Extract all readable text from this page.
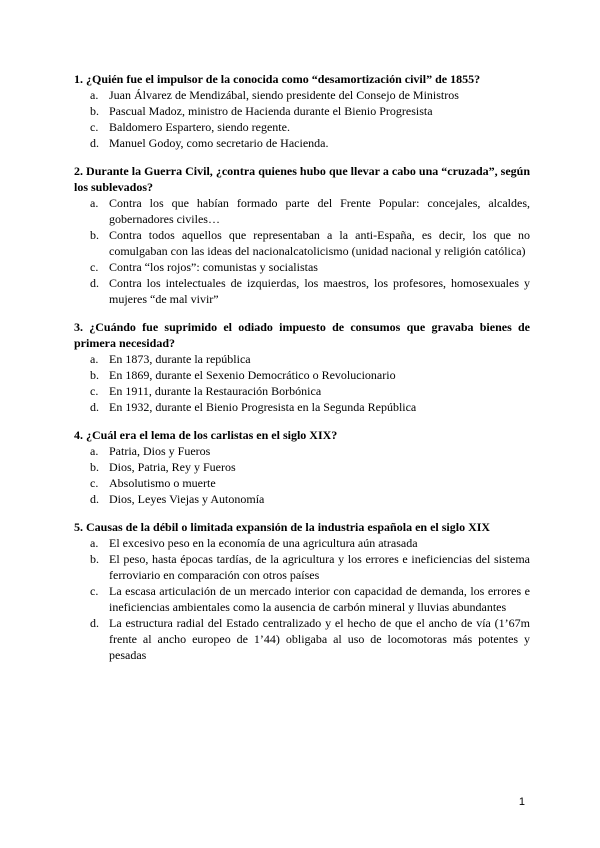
1. ¿Quién fue el impulsor de la conocida como “desamortización civil” de 1855?

a. Juan Álvarez de Mendizábal, siendo presidente del Consejo de Ministros
b. Pascual Madoz, ministro de Hacienda durante el Bienio Progresista
c. Baldomero Espartero, siendo regente.
d. Manuel Godoy, como secretario de Hacienda.

2. Durante la Guerra Civil, ¿contra quienes hubo que llevar a cabo una “cruzada”, según los sublevados?

a. Contra los que habían formado parte del Frente Popular: concejales, alcaldes, gobernadores civiles…
b. Contra todos aquellos que representaban a la anti-España, es decir, los que no comulgaban con las ideas del nacionalcatolicismo (unidad nacional y religión católica)
c. Contra “los rojos”: comunistas y socialistas
d. Contra los intelectuales de izquierdas, los maestros, los profesores, homosexuales y mujeres “de mal vivir”

3. ¿Cuándo fue suprimido el odiado impuesto de consumos que gravaba bienes de primera necesidad?

a. En 1873, durante la república
b. En 1869, durante el Sexenio Democrático o Revolucionario
c. En 1911, durante la Restauración Borbónica
d. En 1932, durante el Bienio Progresista en la Segunda República

4. ¿Cuál era el lema de los carlistas en el siglo XIX?

a. Patria, Dios y Fueros
b. Dios, Patria, Rey y Fueros
c. Absolutismo o muerte
d. Dios, Leyes Viejas y Autonomía

5. Causas de la débil o limitada expansión de la industria española en el siglo XIX

a. El excesivo peso en la economía de una agricultura aún atrasada
b. El peso, hasta épocas tardías, de la agricultura y los errores e ineficiencias del sistema ferroviario en comparación con otros países
c. La escasa articulación de un mercado interior con capacidad de demanda, los errores e ineficiencias ambientales como la ausencia de carbón mineral y lluvias abundantes
d. La estructura radial del Estado centralizado y el hecho de que el ancho de vía (1’67m frente al ancho europeo de 1’44) obligaba al uso de locomotoras más potentes y pesadas
1
